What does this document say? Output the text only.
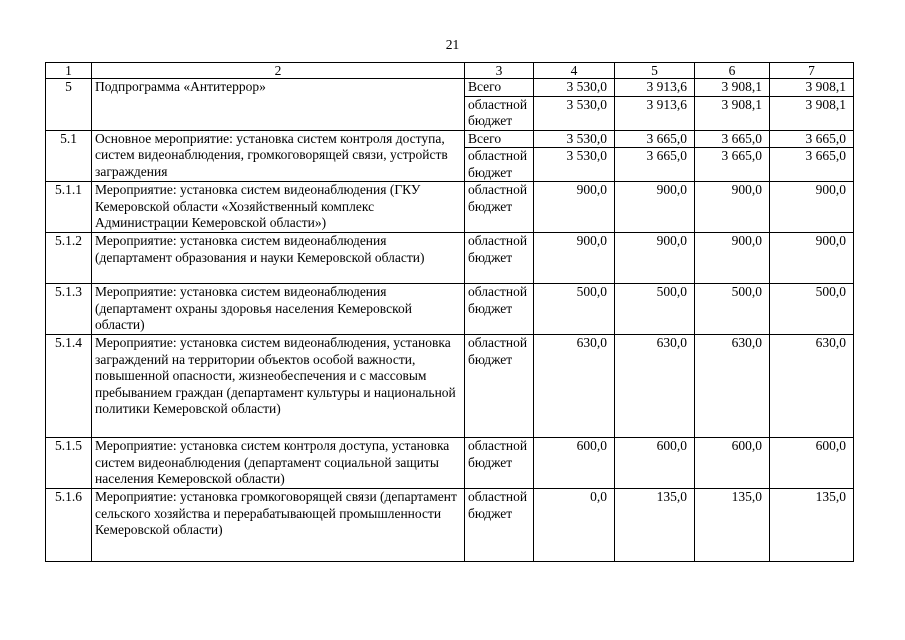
21
1	2	3	4	5	6	7
5	Подпрограмма «Антитеррор»	Всего	3 530,0	3 913,6	3 908,1	3 908,1
		областной бюджет	3 530,0	3 913,6	3 908,1	3 908,1
5.1	Основное мероприятие: установка систем контроля доступа, систем видеонаблюдения, громкоговорящей связи, устройств заграждения	Всего	3 530,0	3 665,0	3 665,0	3 665,0
		областной бюджет	3 530,0	3 665,0	3 665,0	3 665,0
5.1.1	Мероприятие: установка систем видеонаблюдения (ГКУ Кемеровской области «Хозяйственный комплекс Администрации Кемеровской области»)	областной бюджет	900,0	900,0	900,0	900,0
5.1.2	Мероприятие: установка систем видеонаблюдения (департамент образования и науки Кемеровской области)	областной бюджет	900,0	900,0	900,0	900,0
5.1.3	Мероприятие: установка систем видеонаблюдения (департамент охраны здоровья населения Кемеровской области)	областной бюджет	500,0	500,0	500,0	500,0
5.1.4	Мероприятие: установка систем видеонаблюдения, установка заграждений на территории объектов особой важности, повышенной опасности, жизнеобеспечения и с массовым пребыванием граждан (департамент культуры и национальной политики Кемеровской области)	областной бюджет	630,0	630,0	630,0	630,0
5.1.5	Мероприятие: установка систем контроля доступа, установка систем видеонаблюдения (департамент социальной защиты населения Кемеровской области)	областной бюджет	600,0	600,0	600,0	600,0
5.1.6	Мероприятие: установка громкоговорящей связи (департамент сельского хозяйства и перерабатывающей промышленности Кемеровской области)	областной бюджет	0,0	135,0	135,0	135,0
